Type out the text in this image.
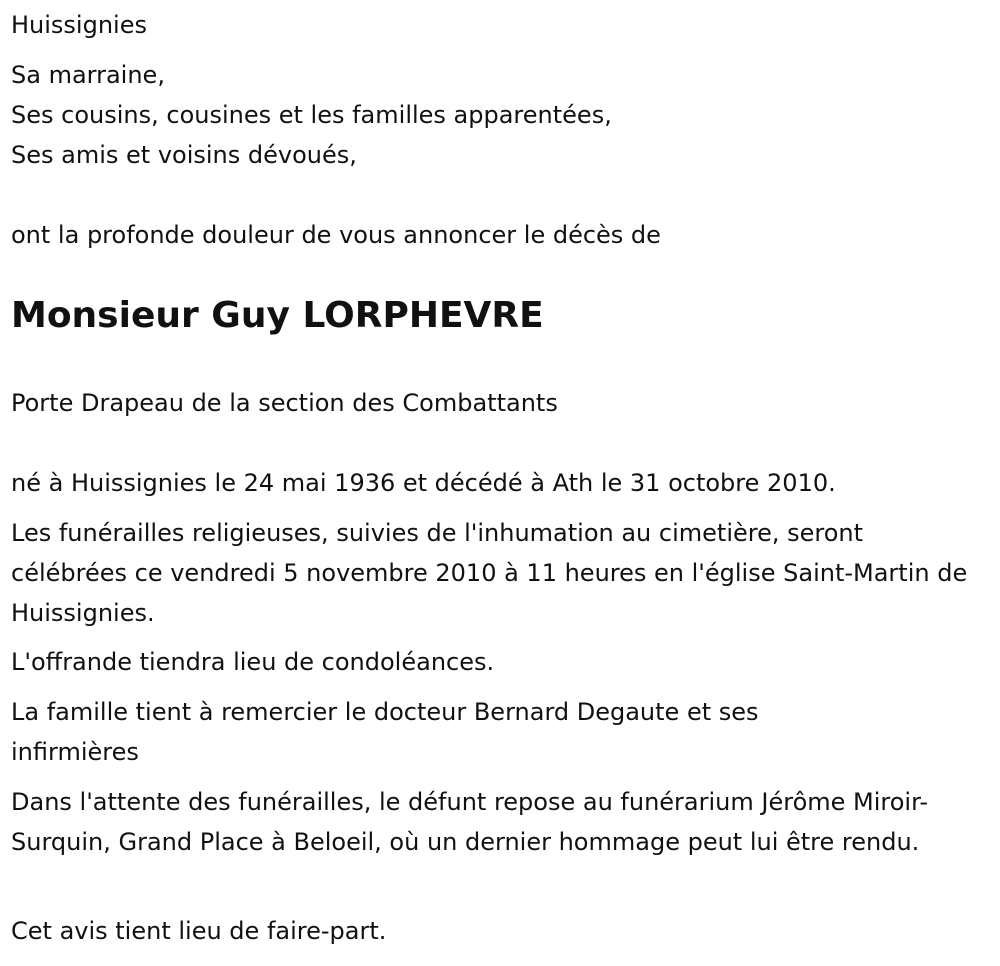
Huissignies

Sa marraine,

Ses cousins, cousines et les familles apparentées,

Ses amis et voisins dévoués,

ont la profonde douleur de vous annoncer le décès de

Monsieur Guy LORPHEVRE

Porte Drapeau de la section des Combattants

né à Huissignies le 24 mai 1936 et décédé à Ath le 31 octobre 2010.

Les funérailles religieuses, suivies de l'inhumation au cimetière, seront célébrées ce vendredi 5 novembre 2010 à 11 heures en l'église Saint-Martin de Huissignies.

L'offrande tiendra lieu de condoléances.

La famille tient à remercier le docteur Bernard Degaute et ses infirmières

Dans l'attente des funérailles, le défunt repose au funérarium Jérôme Miroir-Surquin, Grand Place à Beloeil, où un dernier hommage peut lui être rendu.

Cet avis tient lieu de faire-part.
